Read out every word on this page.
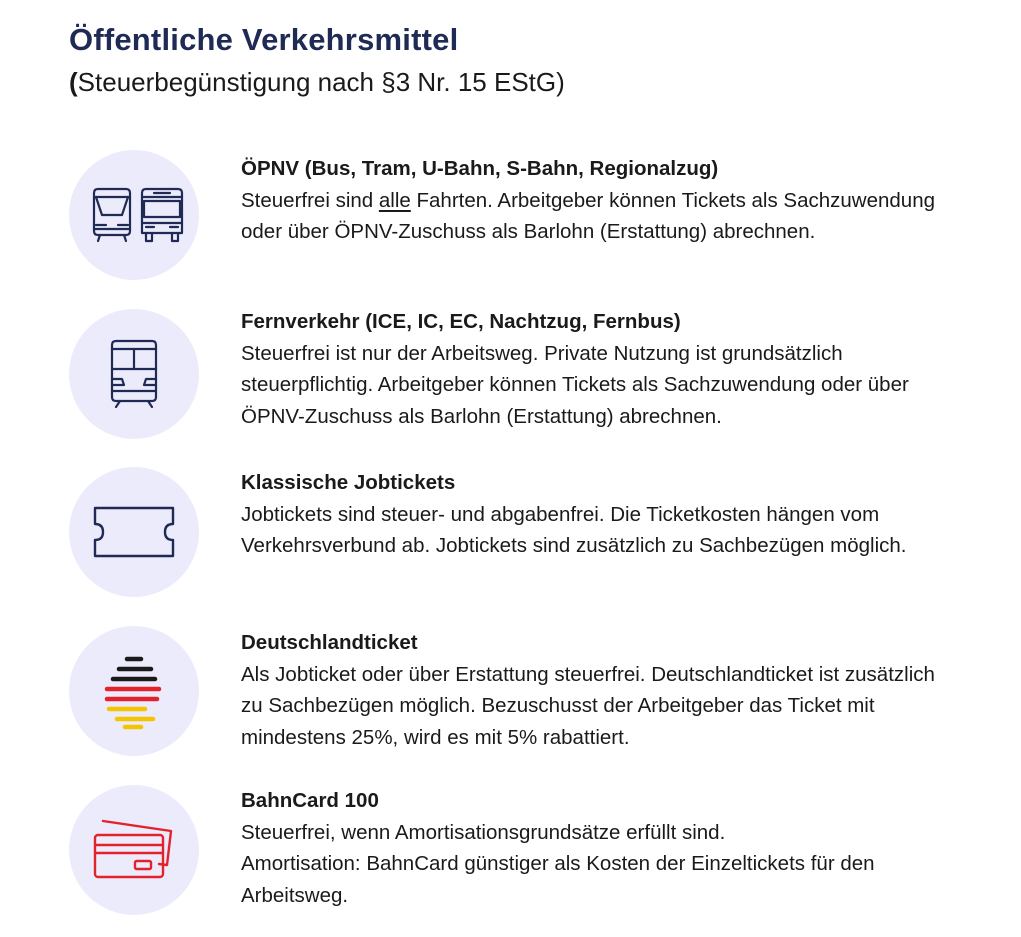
Öffentliche Verkehrsmittel
(Steuerbegünstigung nach §3 Nr. 15 EStG)
ÖPNV (Bus, Tram, U-Bahn, S-Bahn, Regionalzug)
Steuerfrei sind alle Fahrten. Arbeitgeber können Tickets als Sachzuwendung oder über ÖPNV-Zuschuss als Barlohn (Erstattung) abrechnen.
Fernverkehr (ICE, IC, EC, Nachtzug, Fernbus)
Steuerfrei ist nur der Arbeitsweg. Private Nutzung ist grundsätzlich steuerpflichtig. Arbeitgeber können Tickets als Sachzuwendung oder über ÖPNV-Zuschuss als Barlohn (Erstattung) abrechnen.
Klassische Jobtickets
Jobtickets sind steuer- und abgabenfrei. Die Ticketkosten hängen vom Verkehrsverbund ab. Jobtickets sind zusätzlich zu Sachbezügen möglich.
Deutschlandticket
Als Jobticket oder über Erstattung steuerfrei. Deutschlandticket ist zusätzlich zu Sachbezügen möglich. Bezuschusst der Arbeitgeber das Ticket mit mindestens 25%, wird es mit 5% rabattiert.
BahnCard 100
Steuerfrei, wenn Amortisationsgrundsätze erfüllt sind.
Amortisation: BahnCard günstiger als Kosten der Einzeltickets für den Arbeitsweg.
